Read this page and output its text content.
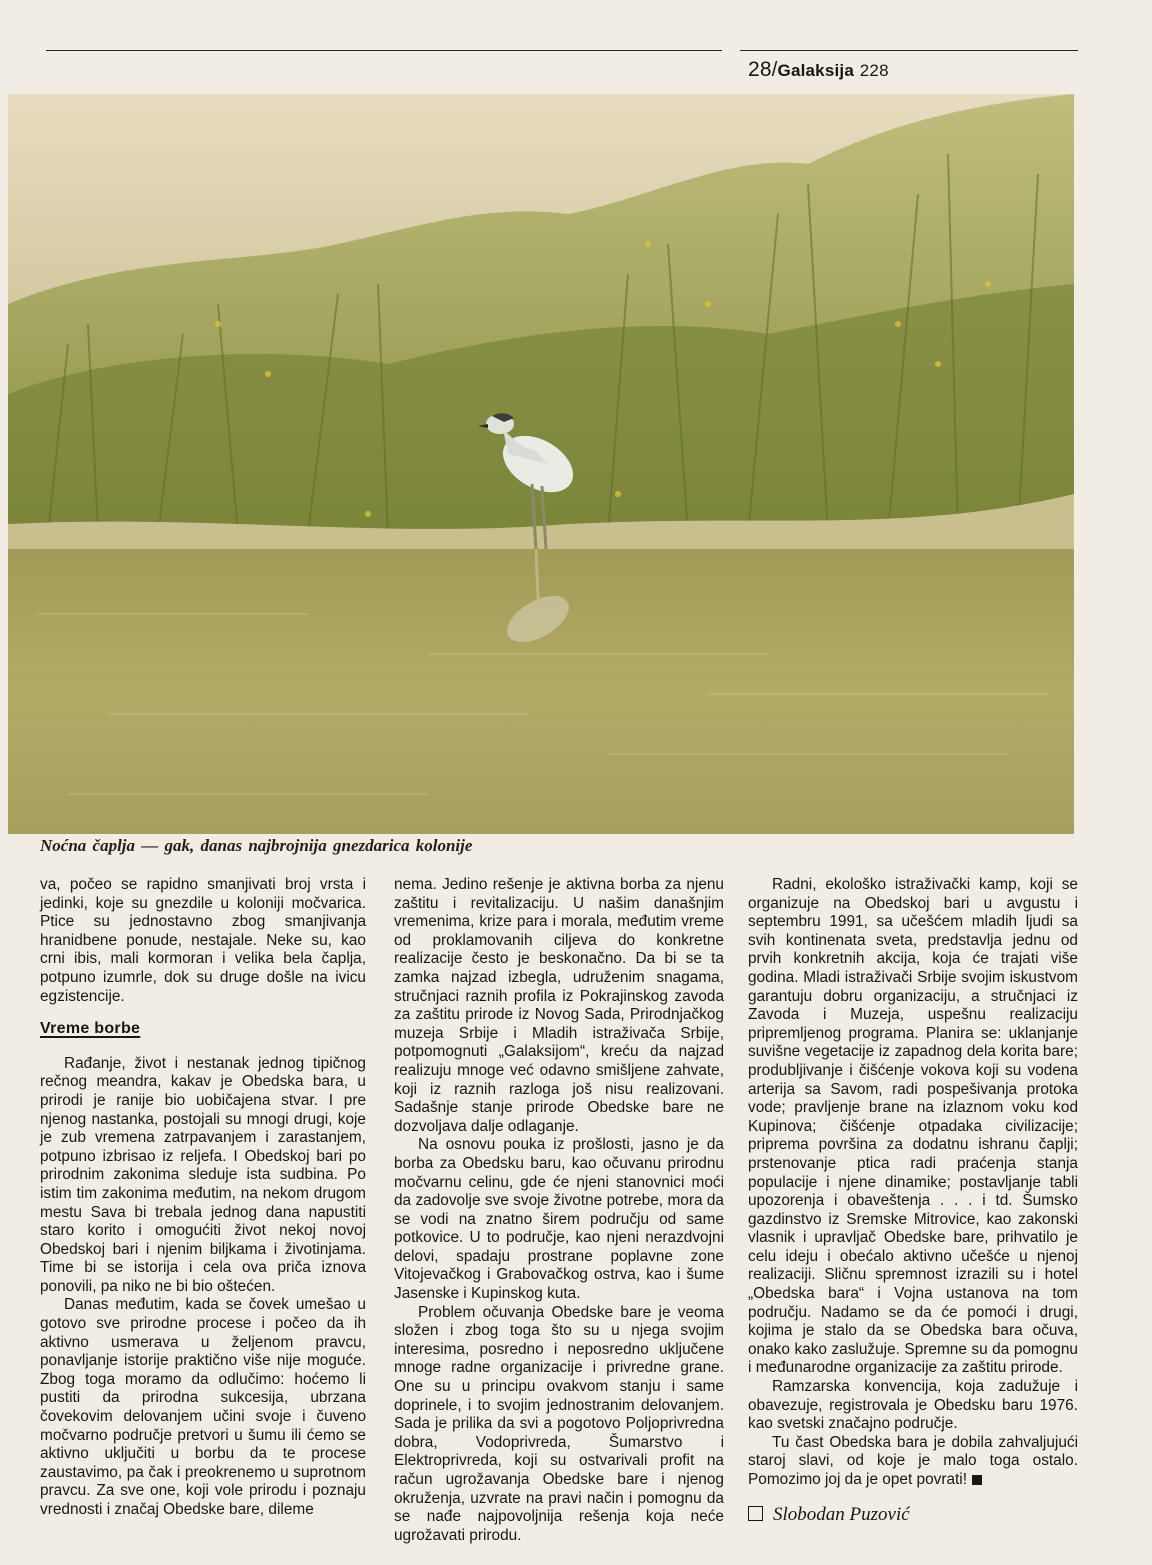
28/Galaksija 228
Noćna čaplja — gak, danas najbrojnija gnezdarica kolonije

va, počeo se rapidno smanjivati broj vrsta i jedinki, koje su gnezdile u koloniji močvarica. Ptice su jednostavno zbog smanjivanja hranidbene ponude, nestajale. Neke su, kao crni ibis, mali kormoran i velika bela čaplja, potpuno izumrle, dok su druge došle na ivicu egzistencije.

Vreme borbe

Rađanje, život i nestanak jednog tipičnog rečnog meandra, kakav je Obedska bara, u prirodi je ranije bio uobičajena stvar. I pre njenog nastanka, postojali su mnogi drugi, koje je zub vremena zatrpavanjem i zarastanjem, potpuno izbrisao iz reljefa. I Obedskoj bari po prirodnim zakonima sleduje ista sudbina. Po istim tim zakonima međutim, na nekom drugom mestu Sava bi trebala jednog dana napustiti staro korito i omogućiti život nekoj novoj Obedskoj bari i njenim biljkama i životinjama. Time bi se istorija i cela ova priča iznova ponovili, pa niko ne bi bio oštećen.

Danas međutim, kada se čovek umešao u gotovo sve prirodne procese i počeo da ih aktivno usmerava u željenom pravcu, ponavljanje istorije praktično više nije moguće. Zbog toga moramo da odlučimo: hoćemo li pustiti da prirodna sukcesija, ubrzana čovekovim delovanjem učini svoje i čuveno močvarno područje pretvori u šumu ili ćemo se aktivno uključiti u borbu da te procese zaustavimo, pa čak i preokrenemo u suprotnom pravcu. Za sve one, koji vole prirodu i poznaju vrednosti i značaj Obedske bare, dileme

nema. Jedino rešenje je aktivna borba za njenu zaštitu i revitalizaciju. U našim današnjim vremenima, krize para i morala, međutim vreme od proklamovanih ciljeva do konkretne realizacije često je beskonačno. Da bi se ta zamka najzad izbegla, udruženim snagama, stručnjaci raznih profila iz Pokrajinskog zavoda za zaštitu prirode iz Novog Sada, Prirodnjačkog muzeja Srbije i Mladih istraživača Srbije, potpomognuti „Galaksijom“, kreću da najzad realizuju mnoge već odavno smišljene zahvate, koji iz raznih razloga još nisu realizovani. Sadašnje stanje prirode Obedske bare ne dozvoljava dalje odlaganje.

Na osnovu pouka iz prošlosti, jasno je da borba za Obedsku baru, kao očuvanu prirodnu močvarnu celinu, gde će njeni stanovnici moći da zadovolje sve svoje životne potrebe, mora da se vodi na znatno širem području od same potkovice. U to područje, kao njeni nerazdvojni delovi, spadaju prostrane poplavne zone Vitojevačkog i Grabovačkog ostrva, kao i šume Jasenske i Kupinskog kuta.

Problem očuvanja Obedske bare je veoma složen i zbog toga što su u njega svojim interesima, posredno i neposredno uključene mnoge radne organizacije i privredne grane. One su u principu ovakvom stanju i same doprinele, i to svojim jednostranim delovanjem. Sada je prilika da svi a pogotovo Poljoprivredna dobra, Vodoprivreda, Šumarstvo i Elektroprivreda, koji su ostvarivali profit na račun ugrožavanja Obedske bare i njenog okruženja, uzvrate na pravi način i pomognu da se nađe najpovoljnija rešenja koja neće ugrožavati prirodu.

Radni, ekološko istraživački kamp, koji se organizuje na Obedskoj bari u avgustu i septembru 1991, sa učešćem mladih ljudi sa svih kontinenata sveta, predstavlja jednu od prvih konkretnih akcija, koja će trajati više godina. Mladi istraživači Srbije svojim iskustvom garantuju dobru organizaciju, a stručnjaci iz Zavoda i Muzeja, uspešnu realizaciju pripremljenog programa. Planira se: uklanjanje suvišne vegetacije iz zapadnog dela korita bare; produbljivanje i čišćenje vokova koji su vodena arterija sa Savom, radi pospešivanja protoka vode; pravljenje brane na izlaznom voku kod Kupinova; čišćenje otpadaka civilizacije; priprema površina za dodatnu ishranu čaplji; prstenovanje ptica radi praćenja stanja populacije i njene dinamike; postavljanje tabli upozorenja i obaveštenja . . . i td. Šumsko gazdinstvo iz Sremske Mitrovice, kao zakonski vlasnik i upravljač Obedske bare, prihvatilo je celu ideju i obećalo aktivno učešće u njenoj realizaciji. Sličnu spremnost izrazili su i hotel „Obedska bara“ i Vojna ustanova na tom području. Nadamo se da će pomoći i drugi, kojima je stalo da se Obedska bara očuva, onako kako zaslužuje. Spremne su da pomognu i međunarodne organizacije za zaštitu prirode.

Ramzarska konvencija, koja zadužuje i obavezuje, registrovala je Obedsku baru 1976. kao svetski značajno područje.

Tu čast Obedska bara je dobila zahvaljujući staroj slavi, od koje je malo toga ostalo. Pomozimo joj da je opet povrati!

Slobodan Puzović
